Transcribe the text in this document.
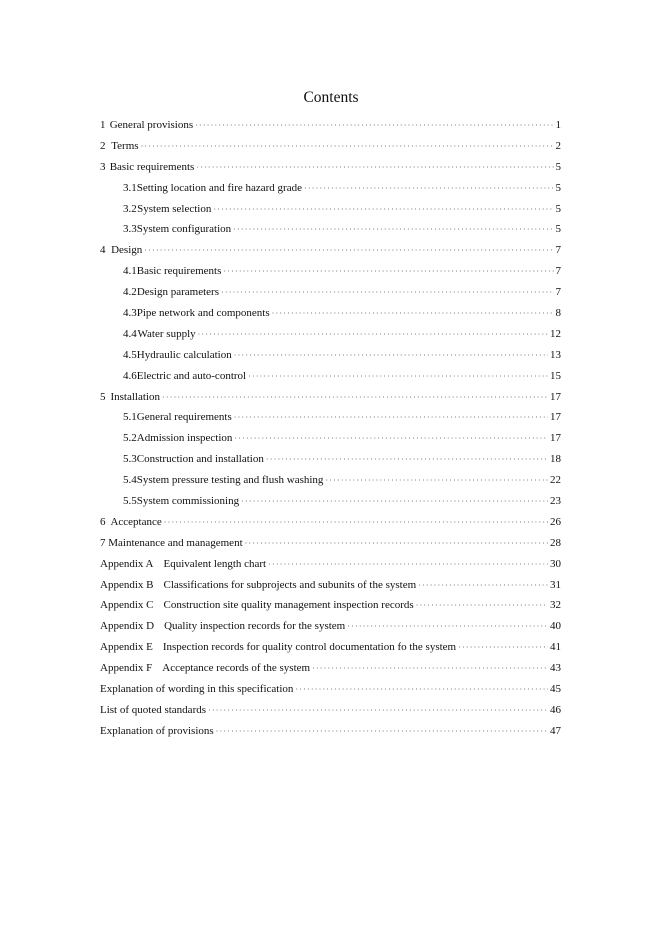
Contents
1 General provisions ·····	1
2 Terms ·····	2
3 Basic requirements ·····	5
3.1 Setting location and fire hazard grade ·····	5
3.2 System selection ·····	5
3.3 System configuration ·····	5
4 Design ·····	7
4.1 Basic requirements ·····	7
4.2 Design parameters ·····	7
4.3 Pipe network and components ·····	8
4.4 Water supply ·····	12
4.5 Hydraulic calculation ·····	13
4.6 Electric and auto-control ·····	15
5 Installation ·····	17
5.1 General requirements ·····	17
5.2 Admission inspection ·····	17
5.3 Construction and installation ·····	18
5.4 System pressure testing and flush washing ·····	22
5.5 System commissioning ·····	23
6 Acceptance ·····	26
7 Maintenance and management ·····	28
Appendix A Equivalent length chart ·····	30
Appendix B Classifications for subprojects and subunits of the system ·····	31
Appendix C Construction site quality management inspection records ·····	32
Appendix D Quality inspection records for the system ·····	40
Appendix E Inspection records for quality control documentation fo the system ·····	41
Appendix F Acceptance records of the system ·····	43
Explanation of wording in this specification ·····	45
List of quoted standards ·····	46
Explanation of provisions ·····	47
